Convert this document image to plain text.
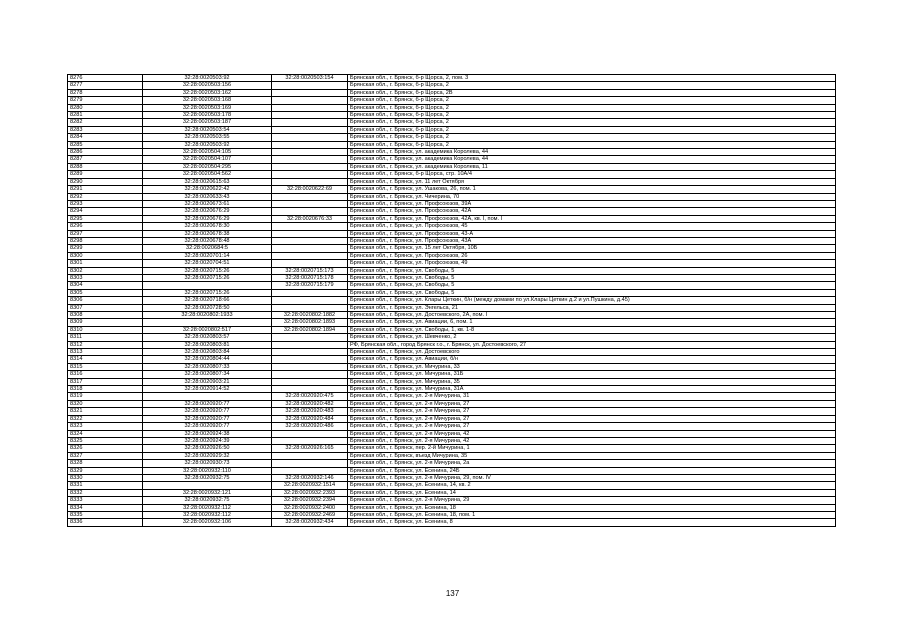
8276	32:28:0020503:92	32:28:0020503:154	Брянская обл., г. Брянск, б-р Щорса, 2, пом. 3
8277	32:28:0020503:156		Брянская обл., г. Брянск, б-р Щорса, 2
8278	32:28:0020503:162		Брянская обл., г. Брянск, б-р Щорса, 2В
8279	32:28:0020503:168		Брянская обл., г. Брянск, б-р Щорса, 2
8280	32:28:0020503:169		Брянская обл., г. Брянск, б-р Щорса, 2
8281	32:28:0020503:178		Брянская обл., г. Брянск, б-р Щорса, 2
8282	32:28:0020503:187		Брянская обл., г. Брянск, б-р Щорса, 2
8283	32:28:0020503:54		Брянская обл., г. Брянск, б-р Щорса, 2
8284	32:28:0020503:55		Брянская обл., г. Брянск, б-р Щорса, 2
8285	32:28:0020503:92		Брянская обл., г. Брянск, б-р Щорса, 2
8286	32:28:0020504:105		Брянская обл., г. Брянск, ул. академика Королева, 44
8287	32:28:0020504:107		Брянская обл., г. Брянск, ул. академика Королева, 44
8288	32:28:0020504:295		Брянская обл., г. Брянск, ул. академика Королева, 11
8289	32:28:0020504:562		Брянская обл., г. Брянск, б-р Щорса, стр. 10А/4
8290	32:28:0020615:63		Брянская обл., г. Брянск, ул. 11 лет Октября
8291	32:28:0020622:42	32:28:0020622:69	Брянская обл., г. Брянск, ул. Ушакова, 26, пом. 1
8292	32:28:0020633:43		Брянская обл., г. Брянск, ул. Чичерина, 70
8293	32:28:0020673:61		Брянская обл., г. Брянск, ул. Профсоюзов, 39А
8294	32:28:0020676:29		Брянская обл., г. Брянск, ул. Профсоюзов, 42А
8295	32:28:0020676:29	32:28:0020676:33	Брянская обл., г. Брянск, ул. Профсоюзов, 42А, кв. I, пом. I
8296	32:28:0020678:30		Брянская обл., г. Брянск, ул. Профсоюзов, 45
8297	32:28:0020678:38		Брянская обл., г. Брянск, ул. Профсоюзов, 43-А
8298	32:28:0020678:48		Брянская обл., г. Брянск, ул. Профсоюзов, 43А
8299	32:28:0020684:5		Брянская обл., г. Брянск, ул. 15 лет Октября, 10Б
8300	32:28:0020701:14		Брянская обл., г. Брянск, ул. Профсоюзов, 26
8301	32:28:0020704:51		Брянская обл., г. Брянск, ул. Профсоюзов, 49
8302	32:28:0020715:26	32:28:0020715:173	Брянская обл., г. Брянск, ул. Свободы, 5
8303	32:28:0020715:26	32:28:0020715:178	Брянская обл., г. Брянск, ул. Свободы, 5
8304		32:28:0020715:179	Брянская обл., г. Брянск, ул. Свободы, 5
8305	32:28:0020715:26		Брянская обл., г. Брянск, ул. Свободы, 5
8306	32:28:0020718:66		Брянская обл., г. Брянск, ул. Клары Цеткин, б/н (между домами по ул.Клары Цеткин д.2 и ул.Пушкина, д.45)
8307	32:28:0020728:50		Брянская обл., г. Брянск, ул. Энгельса, 21
8308	32:28:0020802:1933	32:28:0020802:1882	Брянская обл., г. Брянск, ул. Достоевского, 2А, пом. I
8309		32:28:0020802:1893	Брянская обл., г. Брянск, ул. Авиации, 6, пом. 1
8310	32:28:0020802:517	32:28:0020802:1894	Брянская обл., г. Брянск, ул. Свободы, 1, кв. 1-8
8311	32:28:0020803:57		Брянская обл., г. Брянск, ул. Шевченко, 2
8312	32:28:0020803:81		РФ, Брянская обл., город Брянск г.о., г. Брянск, ул. Достоевского, 27
8313	32:28:0020803:84		Брянская обл., г. Брянск, ул. Достоевского
8314	32:28:0020804:44		Брянская обл., г. Брянск, ул. Авиации, б/н
8315	32:28:0020807:33		Брянская обл., г. Брянск, ул. Мичурина, 33
8316	32:28:0020807:34		Брянская обл., г. Брянск, ул. Мичурина, 31Б
8317	32:28:0020903:21		Брянская обл., г. Брянск, ул. Мичурина, 35
8318	32:28:0020914:52		Брянская обл., г. Брянск, ул. Мичурина, 31А
8319		32:28:0020920:475	Брянская обл., г. Брянск, ул. 2-я Мичурина, 31
8320	32:28:0020920:77	32:28:0020920:482	Брянская обл., г. Брянск, ул. 2-я Мичурина, 27
8321	32:28:0020920:77	32:28:0020920:483	Брянская обл., г. Брянск, ул. 2-я Мичурина, 27
8322	32:28:0020920:77	32:28:0020920:484	Брянская обл., г. Брянск, ул. 2-я Мичурина, 27
8323	32:28:0020920:77	32:28:0020920:486	Брянская обл., г. Брянск, ул. 2-я Мичурина, 27
8324	32:28:0020924:38		Брянская обл., г. Брянск, ул. 2-я Мичурина, 42
8325	32:28:0020924:39		Брянская обл., г. Брянск, ул. 2-я Мичурина, 42
8326	32:28:0020926:50	32:28:0020926:165	Брянская обл., г. Брянск, пер. 2-й Мичурина, 1
8327	32:28:0020929:32		Брянская обл., г. Брянск, въезд Мичурина, 35
8328	32:28:0020930:73		Брянская обл., г. Брянск, ул. 2-я Мичурина, 2а
8329	32:28:0020932:110		Брянская обл., г. Брянск, ул. Есенина, 24Б
8330	32:28:0020932:75	32:28:0020932:146	Брянская обл., г. Брянск, ул. 2-я Мичурина, 29, пом. IV
8331		32:28:0020932:1514	Брянская обл., г. Брянск, ул. Есенина, 14, кв. 2
8332	32:28:0020932:121	32:28:0020932:2393	Брянская обл., г. Брянск, ул. Есенина, 14
8333	32:28:0020932:75	32:28:0020932:2394	Брянская обл., г. Брянск, ул. 2-я Мичурина, 29
8334	32:28:0020932:112	32:28:0020932:2400	Брянская обл., г. Брянск, ул. Есенина, 18
8335	32:28:0020932:112	32:28:0020932:2469	Брянская обл., г. Брянск, ул. Есенина, 18, пом. 1
8336	32:28:0020932:106	32:28:0020932:434	Брянская обл., г. Брянск, ул. Есенина, 8
137
